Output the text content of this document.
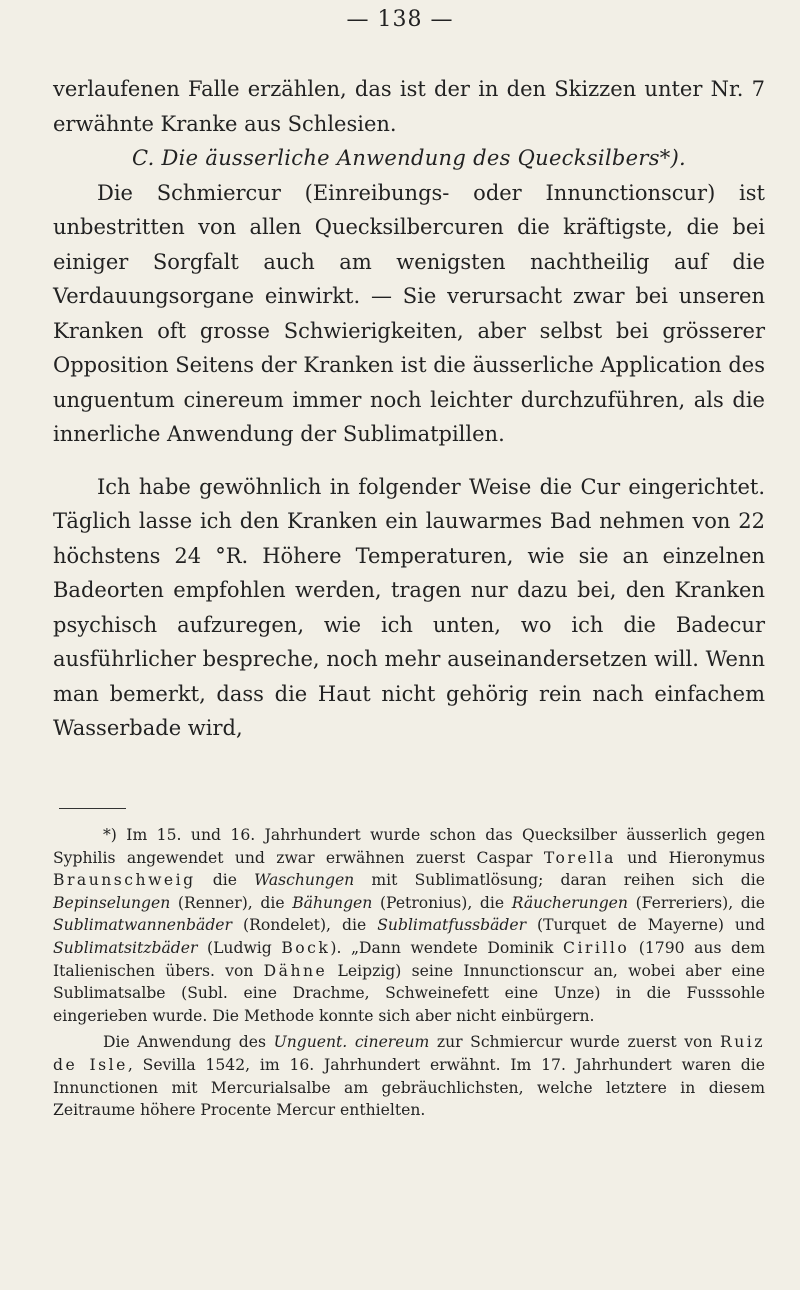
— 138 —

verlaufenen Falle erzählen, das ist der in den Skizzen unter Nr. 7 erwähnte Kranke aus Schlesien.

C. Die äusserliche Anwendung des Quecksilbers*).

Die Schmiercur (Einreibungs- oder Innunctionscur) ist unbestritten von allen Quecksilbercuren die kräftigste, die bei einiger Sorgfalt auch am wenigsten nachtheilig auf die Verdauungsorgane einwirkt. — Sie verursacht zwar bei unseren Kranken oft grosse Schwierigkeiten, aber selbst bei grösserer Opposition Seitens der Kranken ist die äusserliche Application des unguentum cinereum immer noch leichter durchzuführen, als die innerliche Anwendung der Sublimatpillen.

Ich habe gewöhnlich in folgender Weise die Cur eingerichtet. Täglich lasse ich den Kranken ein lauwarmes Bad nehmen von 22 höchstens 24 °R. Höhere Temperaturen, wie sie an einzelnen Badeorten empfohlen werden, tragen nur dazu bei, den Kranken psychisch aufzuregen, wie ich unten, wo ich die Badecur ausführlicher bespreche, noch mehr auseinandersetzen will. Wenn man bemerkt, dass die Haut nicht gehörig rein nach einfachem Wasserbade wird,

*) Im 15. und 16. Jahrhundert wurde schon das Quecksilber äusserlich gegen Syphilis angewendet und zwar erwähnen zuerst Caspar Torella und Hieronymus Braunschweig die Waschungen mit Sublimatlösung; daran reihen sich die Bepinselungen (Renner), die Bähungen (Petronius), die Räucherungen (Ferreriers), die Sublimatwannenbäder (Rondelet), die Sublimatfussbäder (Turquet de Mayerne) und Sublimatsitzbäder (Ludwig Bock). „Dann wendete Dominik Cirillo (1790 aus dem Italienischen übers. von Dähne Leipzig) seine Innunctionscur an, wobei aber eine Sublimatsalbe (Subl. eine Drachme, Schweinefett eine Unze) in die Fusssohle eingerieben wurde. Die Methode konnte sich aber nicht einbürgern.

Die Anwendung des Unguent. cinereum zur Schmiercur wurde zuerst von Ruiz de Isle, Sevilla 1542, im 16. Jahrhundert erwähnt. Im 17. Jahrhundert waren die Innunctionen mit Mercurialsalbe am gebräuchlichsten, welche letztere in diesem Zeitraume höhere Procente Mercur enthielten.
